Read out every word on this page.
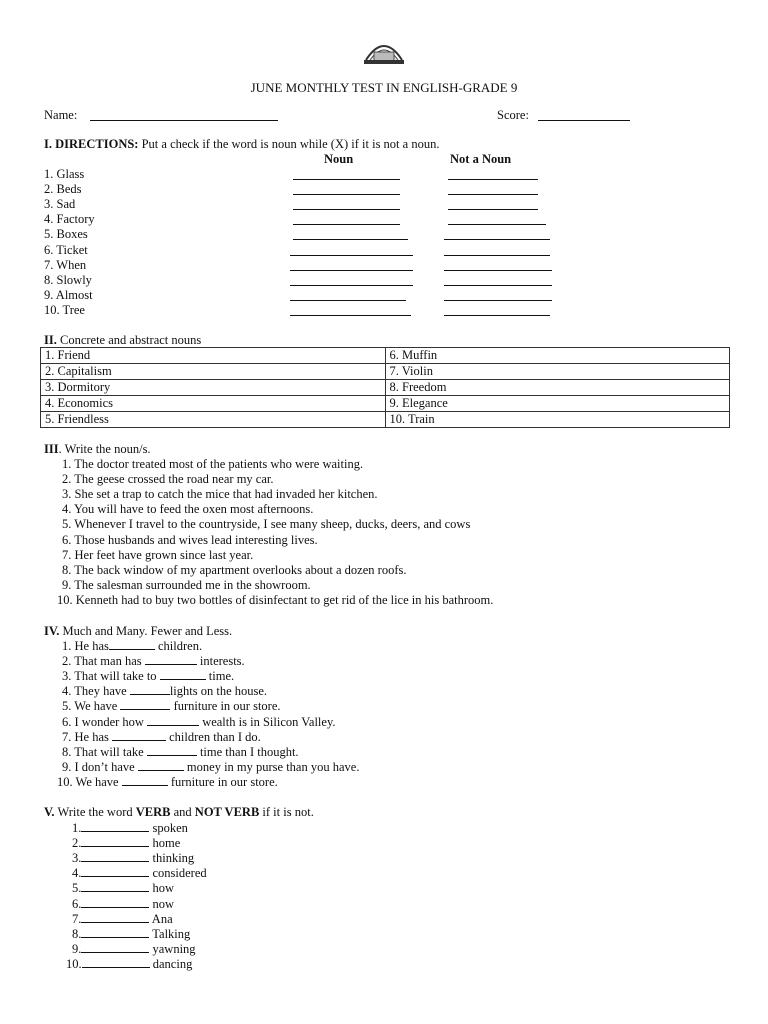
JUNE MONTHLY TEST IN ENGLISH-GRADE 9
Name:	Score:
I. DIRECTIONS: Put a check if the word is noun while (X) if it is not a noun.
Noun	Not a Noun
1. Glass
2. Beds
3. Sad
4. Factory
5. Boxes
6. Ticket
7. When
8. Slowly
9. Almost
10. Tree
II. Concrete and abstract nouns
1. Friend	6. Muffin
2. Capitalism	7. Violin
3. Dormitory	8. Freedom
4. Economics	9. Elegance
5. Friendless	10. Train
III. Write the noun/s.
1. The doctor treated most of the patients who were waiting.
2. The geese crossed the road near my car.
3. She set a trap to catch the mice that had invaded her kitchen.
4. You will have to feed the oxen most afternoons.
5. Whenever I travel to the countryside, I see many sheep, ducks, deers, and cows
6. Those husbands and wives lead interesting lives.
7. Her feet have grown since last year.
8. The back window of my apartment overlooks about a dozen roofs.
9. The salesman surrounded me in the showroom.
10. Kenneth had to buy two bottles of disinfectant to get rid of the lice in his bathroom.
IV. Much and Many. Fewer and Less.
1. He has	children.
2. That man has	interests.
3. That will take to	time.
4. They have	lights on the house.
5. We have	furniture in our store.
6. I wonder how	wealth is in Silicon Valley.
7. He has	children than I do.
8. That will take	time than I thought.
9. I don’t have	money in my purse than you have.
10. We have	furniture in our store.
V. Write the word VERB and NOT VERB if it is not.
1.	spoken
2.	home
3.	thinking
4.	considered
5.	how
6.	now
7.	Ana
8.	Talking
9.	yawning
10.	dancing
